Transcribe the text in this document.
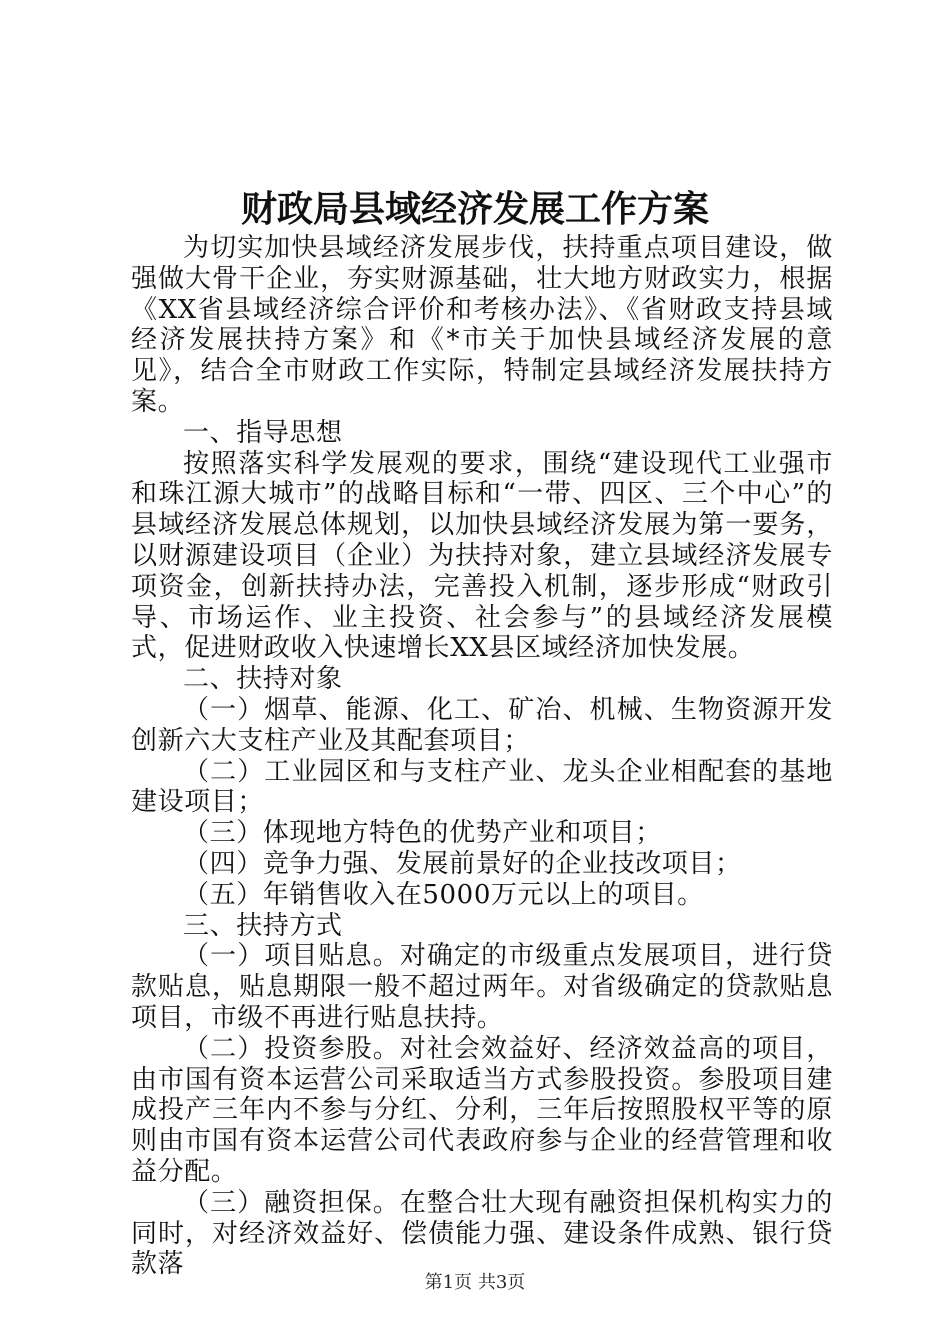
财政局县域经济发展工作方案

为切实加快县域经济发展步伐，扶持重点项目建设，做强做大骨干企业，夯实财源基础，壮大地方财政实力，根据《XX省县域经济综合评价和考核办法》、《省财政支持县域经济发展扶持方案》和《*市关于加快县域经济发展的意见》，结合全市财政工作实际，特制定县域经济发展扶持方案。

一、指导思想

按照落实科学发展观的要求，围绕“建设现代工业强市和珠江源大城市”的战略目标和“一带、四区、三个中心”的县域经济发展总体规划，以加快县域经济发展为第一要务，以财源建设项目（企业）为扶持对象，建立县域经济发展专项资金，创新扶持办法，完善投入机制，逐步形成“财政引导、市场运作、业主投资、社会参与”的县域经济发展模式，促进财政收入快速增长XX县区域经济加快发展。

二、扶持对象

（一）烟草、能源、化工、矿冶、机械、生物资源开发创新六大支柱产业及其配套项目；

（二）工业园区和与支柱产业、龙头企业相配套的基地建设项目；

（三）体现地方特色的优势产业和项目；

（四）竞争力强、发展前景好的企业技改项目；

（五）年销售收入在5000万元以上的项目。

三、扶持方式

（一）项目贴息。对确定的市级重点发展项目，进行贷款贴息，贴息期限一般不超过两年。对省级确定的贷款贴息项目，市级不再进行贴息扶持。

（二）投资参股。对社会效益好、经济效益高的项目，由市国有资本运营公司采取适当方式参股投资。参股项目建成投产三年内不参与分红、分利，三年后按照股权平等的原则由市国有资本运营公司代表政府参与企业的经营管理和收益分配。

（三）融资担保。在整合壮大现有融资担保机构实力的同时，对经济效益好、偿债能力强、建设条件成熟、银行贷款落

第1页 共3页
